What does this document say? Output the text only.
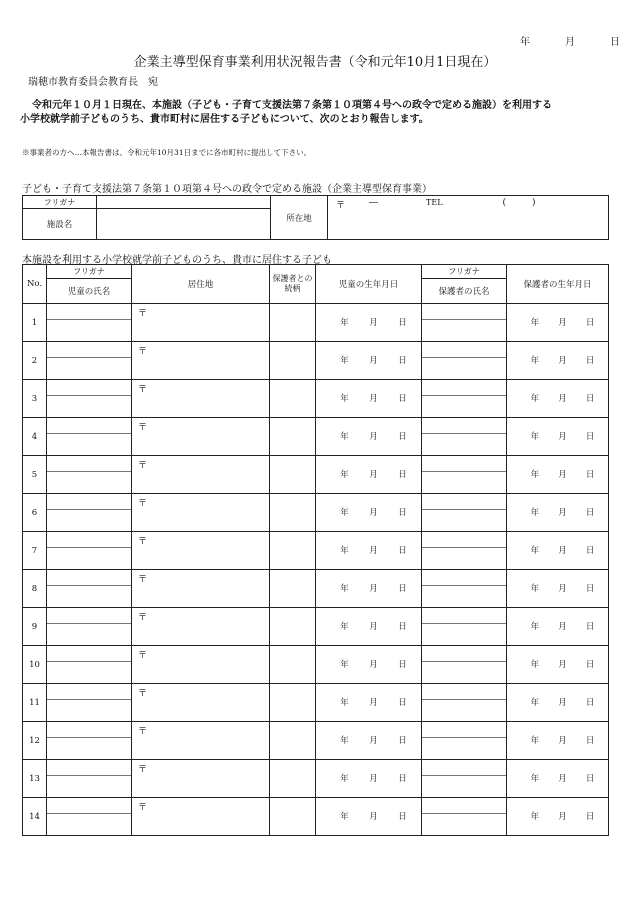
年	月	日
企業主導型保育事業利用状況報告書（令和元年10月1日現在）
瑞穂市教育委員会教育長　宛
令和元年１０月１日現在、本施設（子ども・子育て支援法第７条第１０項第４号への政令で定める施設）を利用する
小学校就学前子どものうち、貴市町村に居住する子どもについて、次のとおり報告します。
※事業者の方へ…本報告書は、令和元年10月31日までに各市町村に提出して下さい。
子ども・子育て支援法第７条第１０項第４号への政令で定める施設（企業主導型保育事業）
フリガナ		所在地	〒 ― TEL ( )

施設名			
本施設を利用する小学校就学前子どものうち、貴市に居住する子ども
No.	フリガナ	居住地	保護者との続柄	児童の生年月日	フリガナ	保護者の生年月日
	児童の氏名				保護者の氏名	
1		〒		年 月 日		年 月 日

2		〒		年 月 日		年 月 日

3		〒		年 月 日		年 月 日

4		〒		年 月 日		年 月 日

5		〒		年 月 日		年 月 日

6		〒		年 月 日		年 月 日

7		〒		年 月 日		年 月 日

8		〒		年 月 日		年 月 日

9		〒		年 月 日		年 月 日

10		〒		年 月 日		年 月 日

11		〒		年 月 日		年 月 日

12		〒		年 月 日		年 月 日

13		〒		年 月 日		年 月 日

14		〒		年 月 日		年 月 日
